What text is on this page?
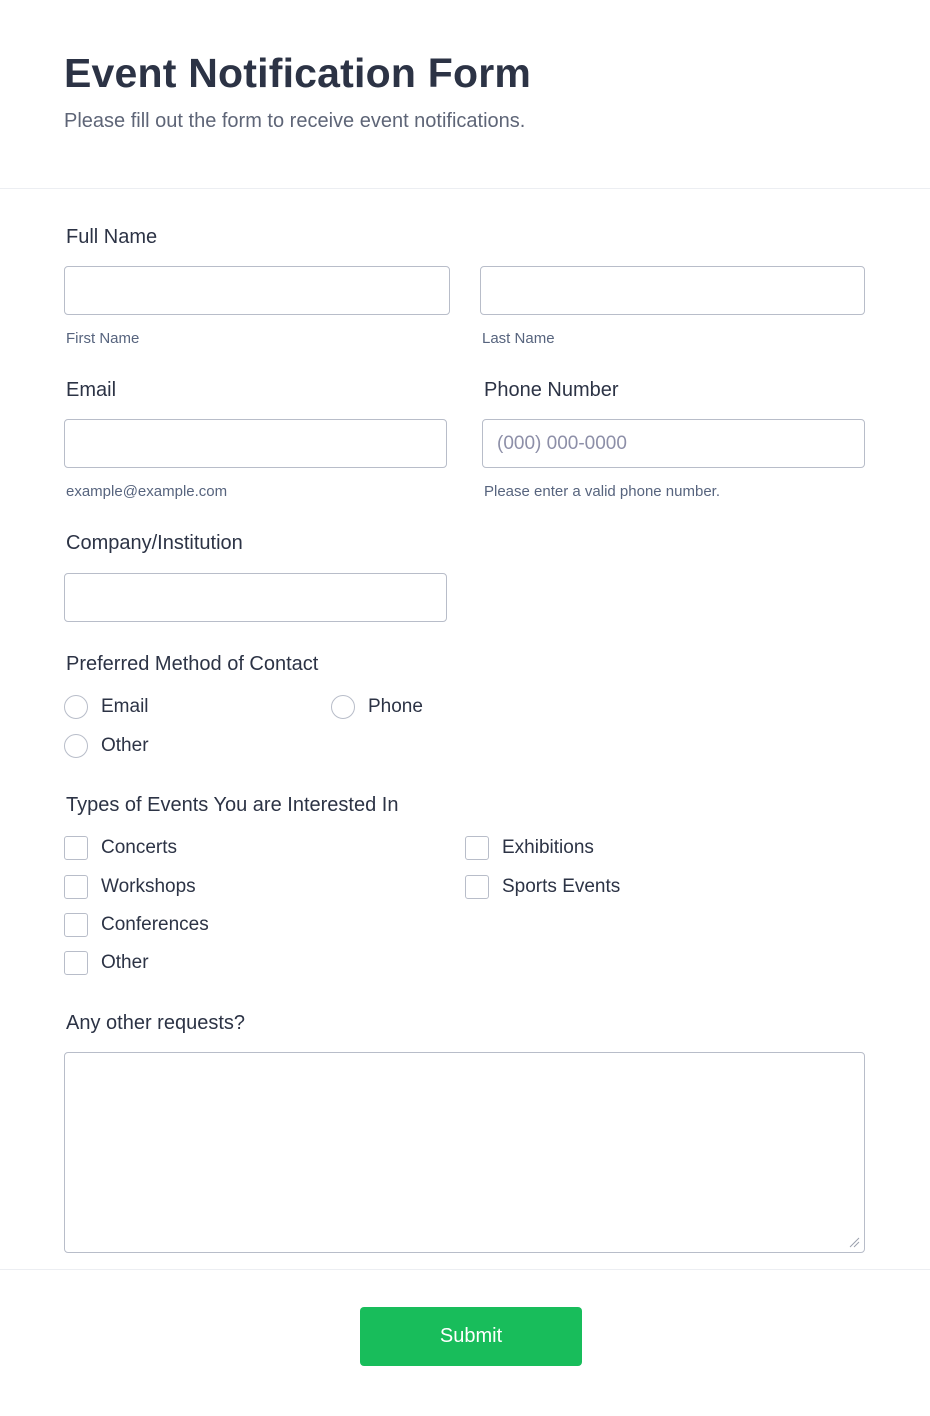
Event Notification Form

Please fill out the form to receive event notifications.

Full Name
First Name	Last Name
Email	Phone Number
(000) 000-0000
example@example.com	Please enter a valid phone number.
Company/Institution
Preferred Method of Contact
Email	Phone
Other
Types of Events You are Interested In
Concerts	Exhibitions
Workshops	Sports Events
Conferences
Other
Any other requests?
Submit
